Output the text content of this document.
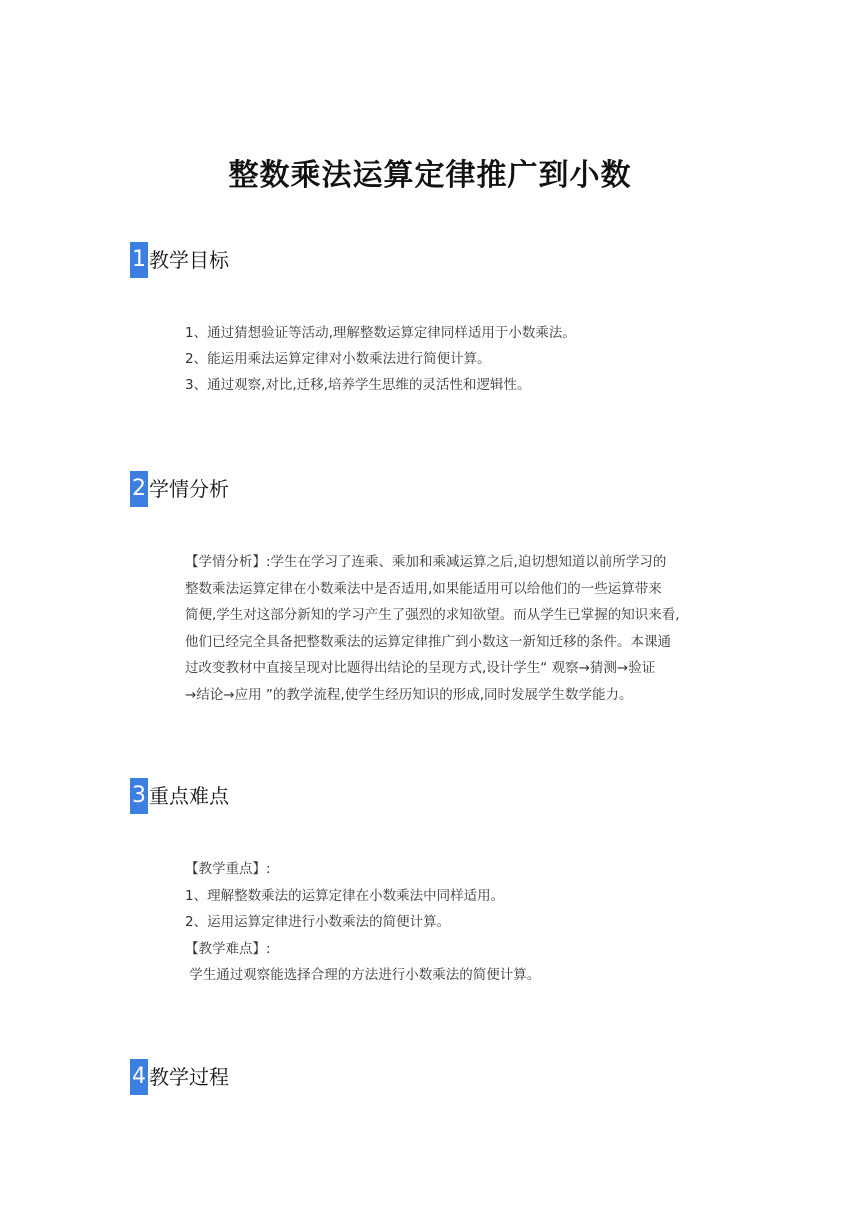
整数乘法运算定律推广到小数
1 教学目标
1、通过猜想验证等活动,理解整数运算定律同样适用于小数乘法。
2、能运用乘法运算定律对小数乘法进行简便计算。
3、通过观察,对比,迁移,培养学生思维的灵活性和逻辑性。
2 学情分析
【学情分析】:学生在学习了连乘、乘加和乘减运算之后,迫切想知道以前所学习的
整数乘法运算定律在小数乘法中是否适用,如果能适用可以给他们的一些运算带来
简便,学生对这部分新知的学习产生了强烈的求知欲望。而从学生已掌握的知识来看,
他们已经完全具备把整数乘法的运算定律推广到小数这一新知迁移的条件。本课通
过改变教材中直接呈现对比题得出结论的呈现方式,设计学生“ 观察→猜测→验证
→结论→应用 ”的教学流程,使学生经历知识的形成,同时发展学生数学能力。
3 重点难点
【教学重点】:
1、理解整数乘法的运算定律在小数乘法中同样适用。
2、运用运算定律进行小数乘法的简便计算。
【教学难点】:
学生通过观察能选择合理的方法进行小数乘法的简便计算。
4 教学过程
